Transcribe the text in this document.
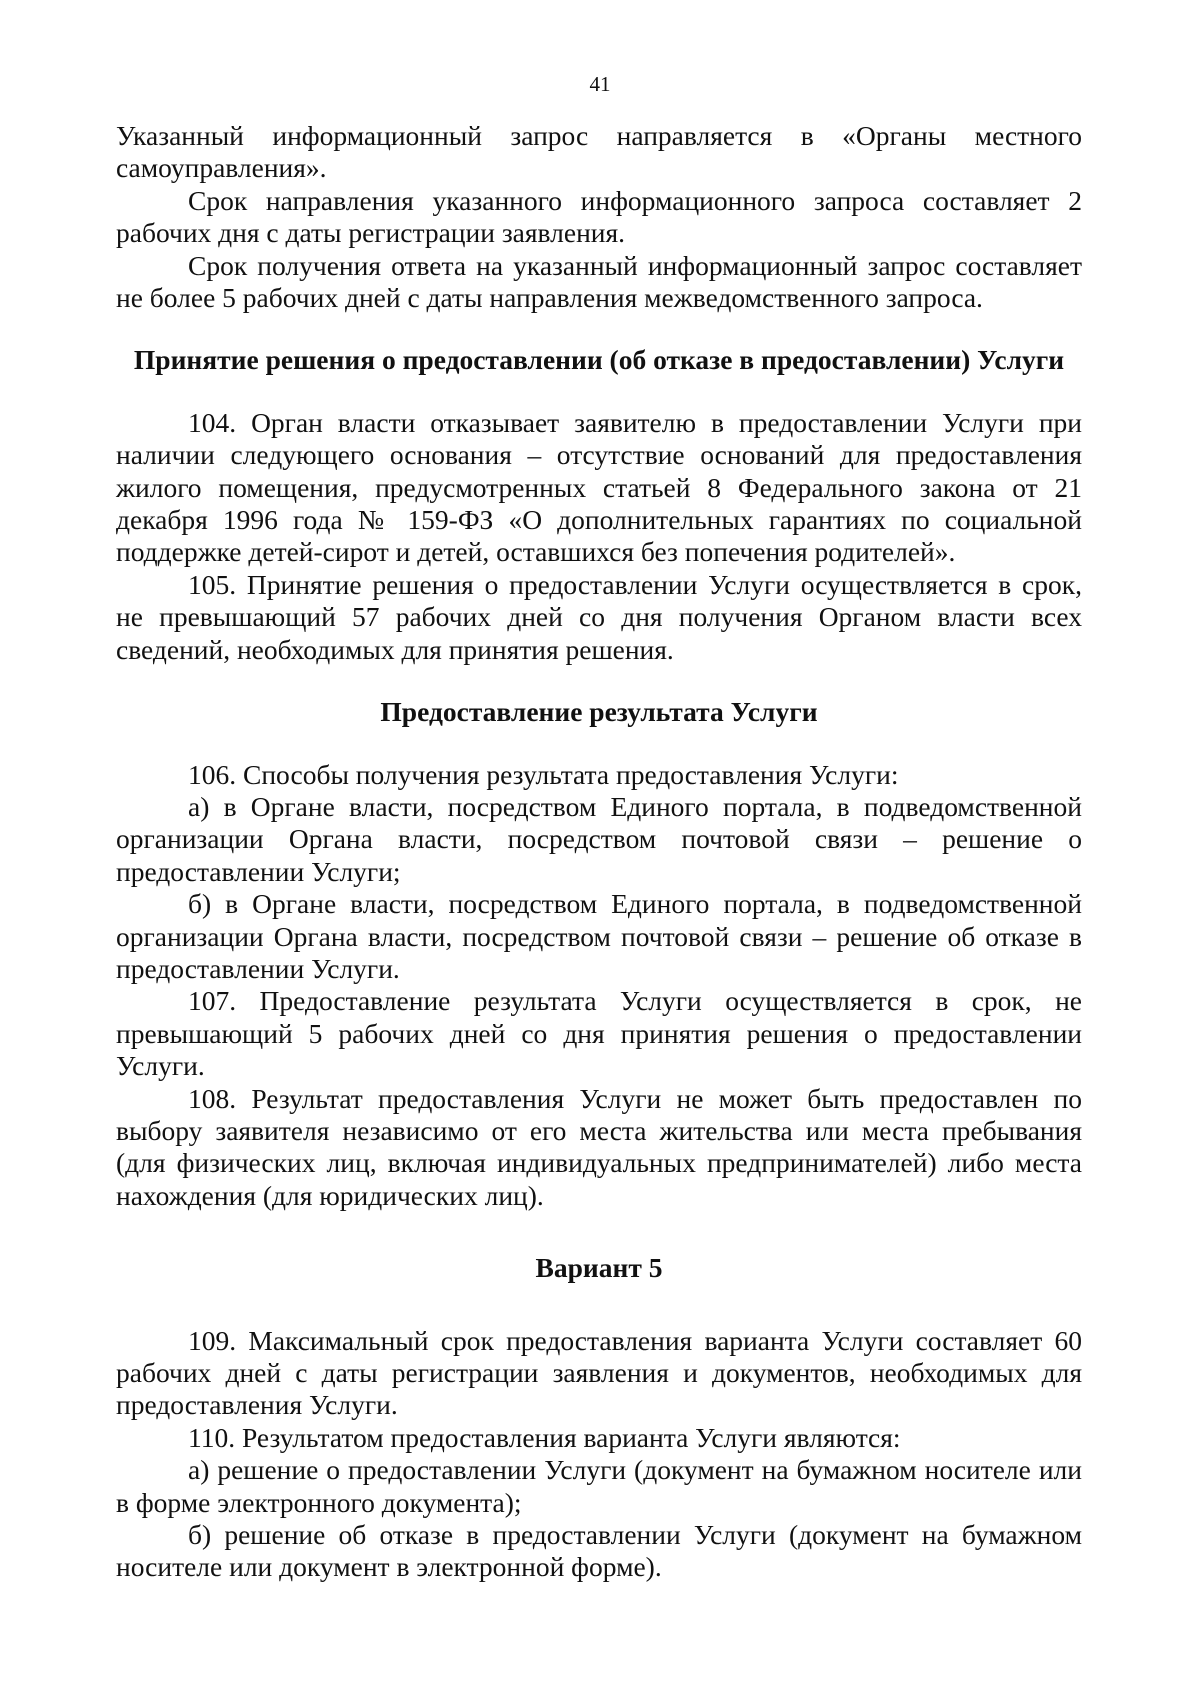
41

Указанный информационный запрос направляется в «Органы местного самоуправления».

Срок направления указанного информационного запроса составляет 2 рабочих дня с даты регистрации заявления.

Срок получения ответа на указанный информационный запрос составляет не более 5 рабочих дней с даты направления межведомственного запроса.

Принятие решения о предоставлении (об отказе в предоставлении) Услуги

104. Орган власти отказывает заявителю в предоставлении Услуги при наличии следующего основания – отсутствие оснований для предоставления жилого помещения, предусмотренных статьей 8 Федерального закона от 21 декабря 1996 года № 159-ФЗ «О дополнительных гарантиях по социальной поддержке детей-сирот и детей, оставшихся без попечения родителей».

105. Принятие решения о предоставлении Услуги осуществляется в срок, не превышающий 57 рабочих дней со дня получения Органом власти всех сведений, необходимых для принятия решения.

Предоставление результата Услуги

106. Способы получения результата предоставления Услуги:

а) в Органе власти, посредством Единого портала, в подведомственной организации Органа власти, посредством почтовой связи – решение о предоставлении Услуги;

б) в Органе власти, посредством Единого портала, в подведомственной организации Органа власти, посредством почтовой связи – решение об отказе в предоставлении Услуги.

107. Предоставление результата Услуги осуществляется в срок, не превышающий 5 рабочих дней со дня принятия решения о предоставлении Услуги.

108. Результат предоставления Услуги не может быть предоставлен по выбору заявителя независимо от его места жительства или места пребывания (для физических лиц, включая индивидуальных предпринимателей) либо места нахождения (для юридических лиц).

Вариант 5

109. Максимальный срок предоставления варианта Услуги составляет 60 рабочих дней с даты регистрации заявления и документов, необходимых для предоставления Услуги.

110. Результатом предоставления варианта Услуги являются:

а) решение о предоставлении Услуги (документ на бумажном носителе или в форме электронного документа);

б) решение об отказе в предоставлении Услуги (документ на бумажном носителе или документ в электронной форме).
